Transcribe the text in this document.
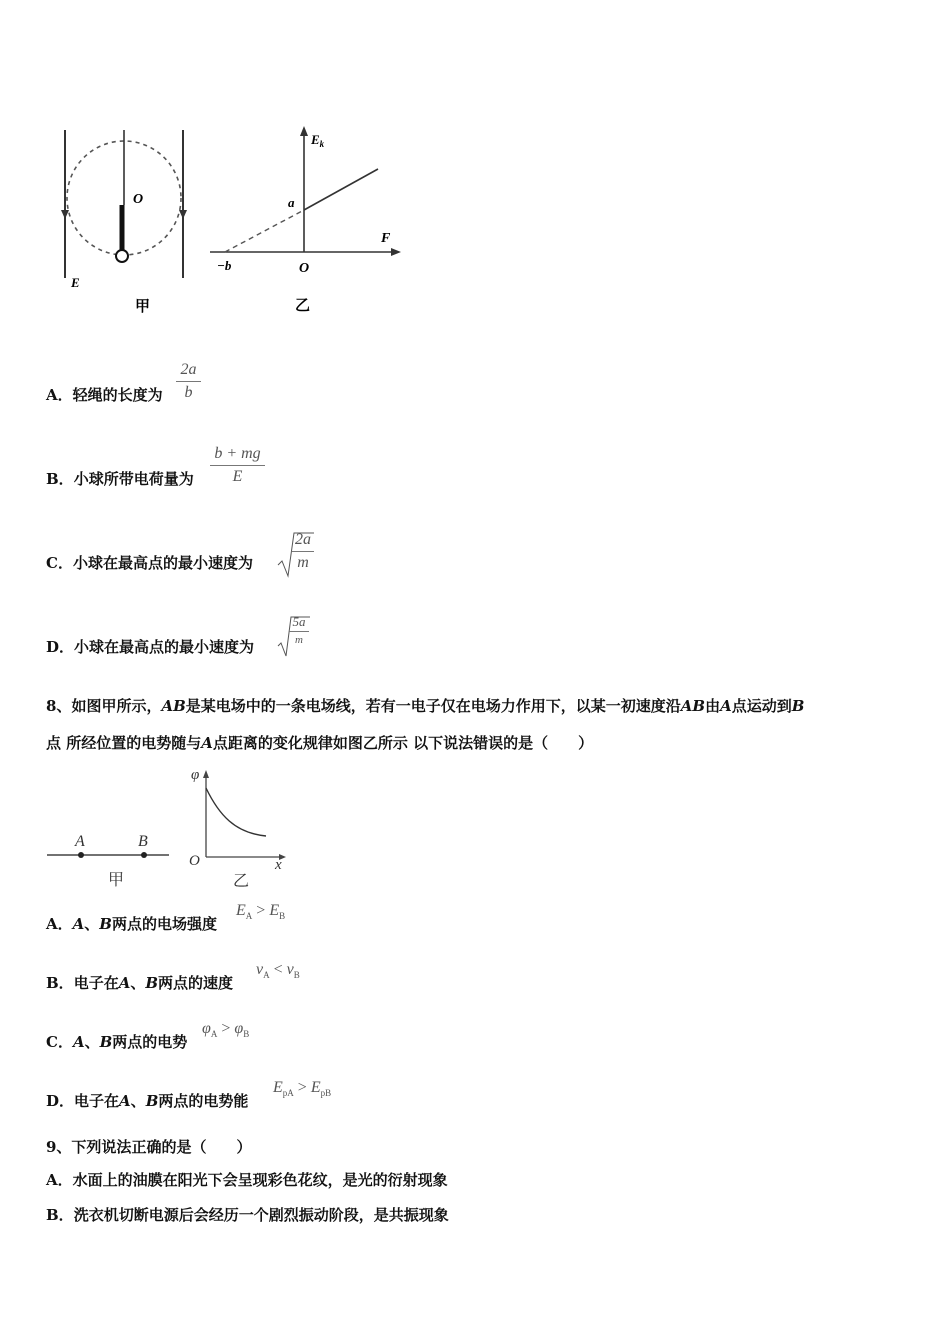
E
O
甲
$E_k$
F
a
−b	O
乙
A．轻绳的长度为
2a
b
B．小球所带电荷量为
b + mg
E
C．小球在最高点的最小速度为
2a
m
D．小球在最高点的最小速度为
5a
m
8、如图甲所示，AB是某电场中的一条电场线，若有一电子仅在电场力作用下，以某一初速度沿AB由A点运动到B
点 所经位置的电势随与A点距离的变化规律如图乙所示 以下说法错误的是（　　）
A	B
甲
φ
O	x
乙
A．A、B两点的电场强度
$E_A > E_B$
B．电子在A、B两点的速度
$v_A < v_B$
C．A、B两点的电势
$\varphi_A > \varphi_B$
D．电子在A、B两点的电势能
$E_{pA} > E_{pB}$
9、下列说法正确的是（　　）
A．水面上的油膜在阳光下会呈现彩色花纹，是光的衍射现象
B．洗衣机切断电源后会经历一个剧烈振动阶段，是共振现象
